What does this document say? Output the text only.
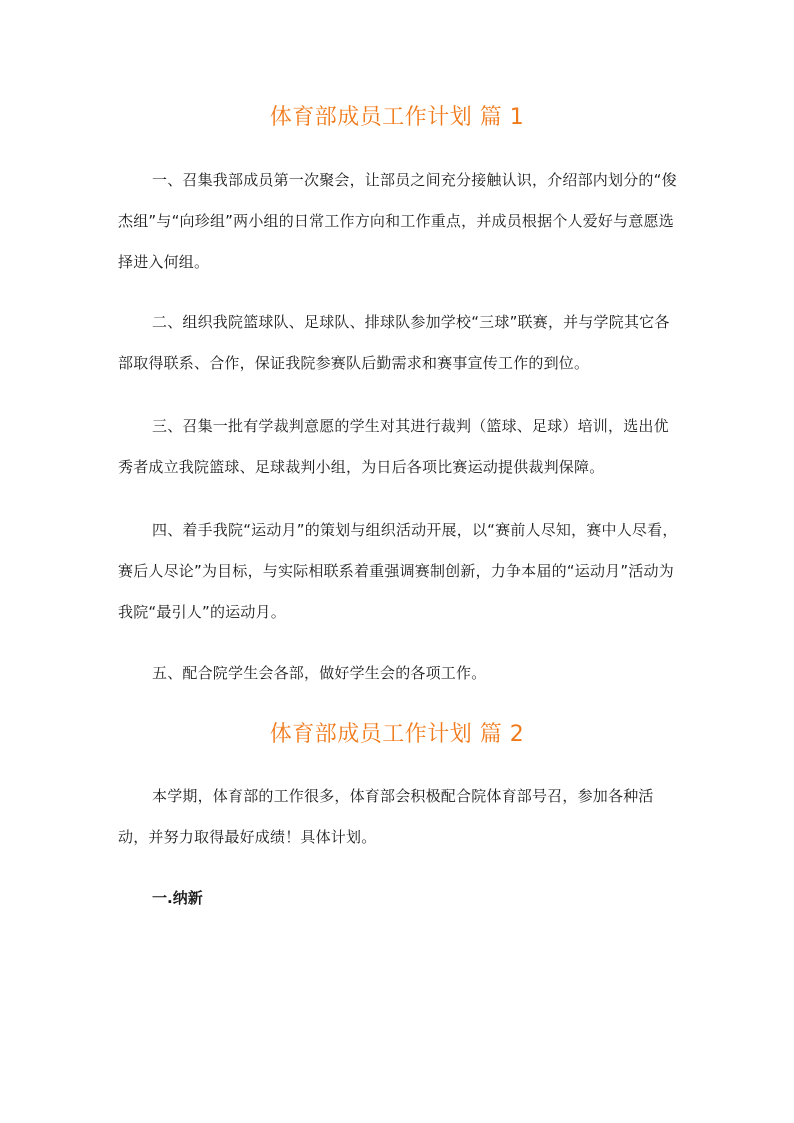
体育部成员工作计划 篇 1

一、召集我部成员第一次聚会，让部员之间充分接触认识，介绍部内划分的“俊杰组”与“向珍组”两小组的日常工作方向和工作重点，并成员根据个人爱好与意愿选择进入何组。

二、组织我院篮球队、足球队、排球队参加学校“三球”联赛，并与学院其它各部取得联系、合作，保证我院参赛队后勤需求和赛事宣传工作的到位。

三、召集一批有学裁判意愿的学生对其进行裁判（篮球、足球）培训，选出优秀者成立我院篮球、足球裁判小组，为日后各项比赛运动提供裁判保障。

四、着手我院“运动月”的策划与组织活动开展，以“赛前人尽知，赛中人尽看，赛后人尽论”为目标，与实际相联系着重强调赛制创新，力争本届的“运动月”活动为我院“最引人”的运动月。

五、配合院学生会各部，做好学生会的各项工作。

体育部成员工作计划 篇 2

本学期，体育部的工作很多，体育部会积极配合院体育部号召，参加各种活动，并努力取得最好成绩！具体计划。

一.纳新
